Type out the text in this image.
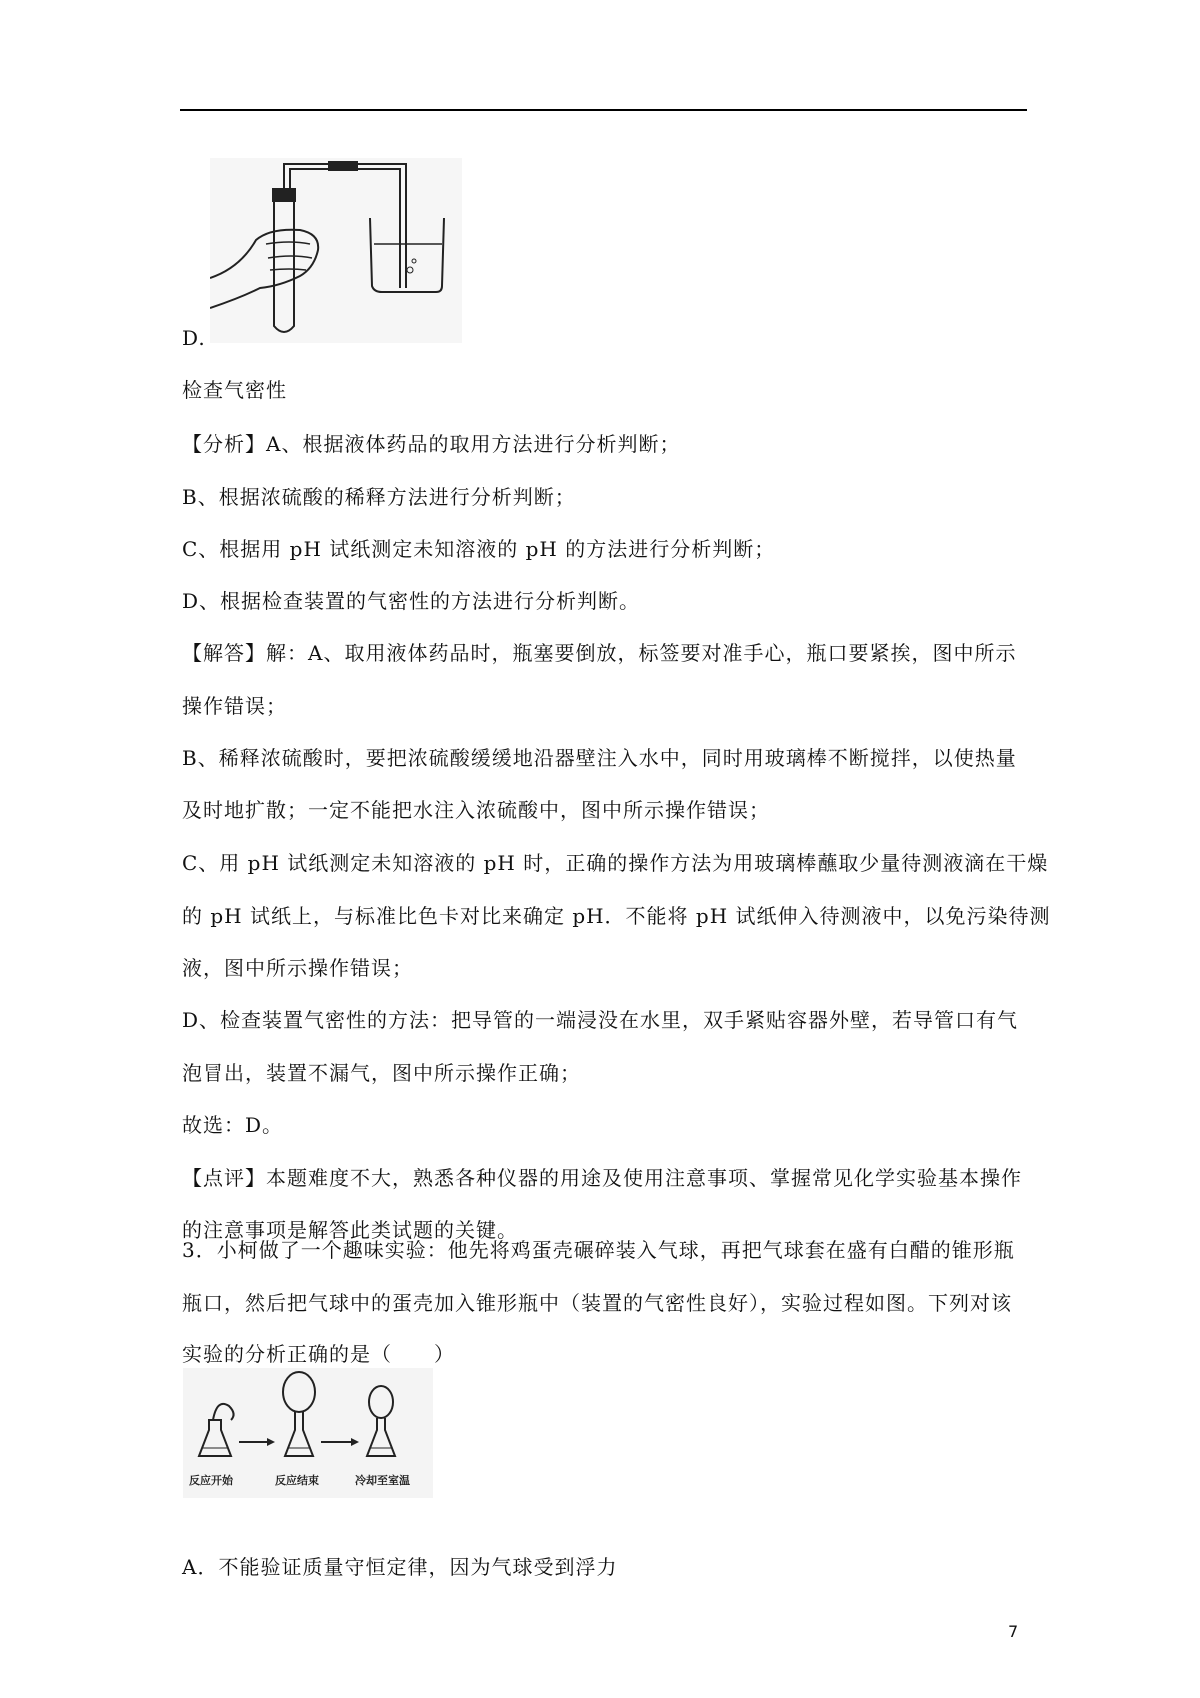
D.
检查气密性
【分析】A、根据液体药品的取用方法进行分析判断；
B、根据浓硫酸的稀释方法进行分析判断；
C、根据用 pH 试纸测定未知溶液的 pH 的方法进行分析判断；
D、根据检查装置的气密性的方法进行分析判断。
【解答】解：A、取用液体药品时，瓶塞要倒放，标签要对准手心，瓶口要紧挨，图中所示
操作错误；
B、稀释浓硫酸时，要把浓硫酸缓缓地沿器壁注入水中，同时用玻璃棒不断搅拌，以使热量
及时地扩散；一定不能把水注入浓硫酸中，图中所示操作错误；
C、用 pH 试纸测定未知溶液的 pH 时，正确的操作方法为用玻璃棒蘸取少量待测液滴在干燥
的 pH 试纸上，与标准比色卡对比来确定 pH．不能将 pH 试纸伸入待测液中，以免污染待测
液，图中所示操作错误；
D、检查装置气密性的方法：把导管的一端浸没在水里，双手紧贴容器外壁，若导管口有气
泡冒出，装置不漏气，图中所示操作正确；
故选：D。
【点评】本题难度不大，熟悉各种仪器的用途及使用注意事项、掌握常见化学实验基本操作
的注意事项是解答此类试题的关键。
3．小柯做了一个趣味实验：他先将鸡蛋壳碾碎装入气球，再把气球套在盛有白醋的锥形瓶
瓶口，然后把气球中的蛋壳加入锥形瓶中（装置的气密性良好），实验过程如图。下列对该
实验的分析正确的是（　　）
反应开始	反应结束	冷却至室温
A．不能验证质量守恒定律，因为气球受到浮力
7
